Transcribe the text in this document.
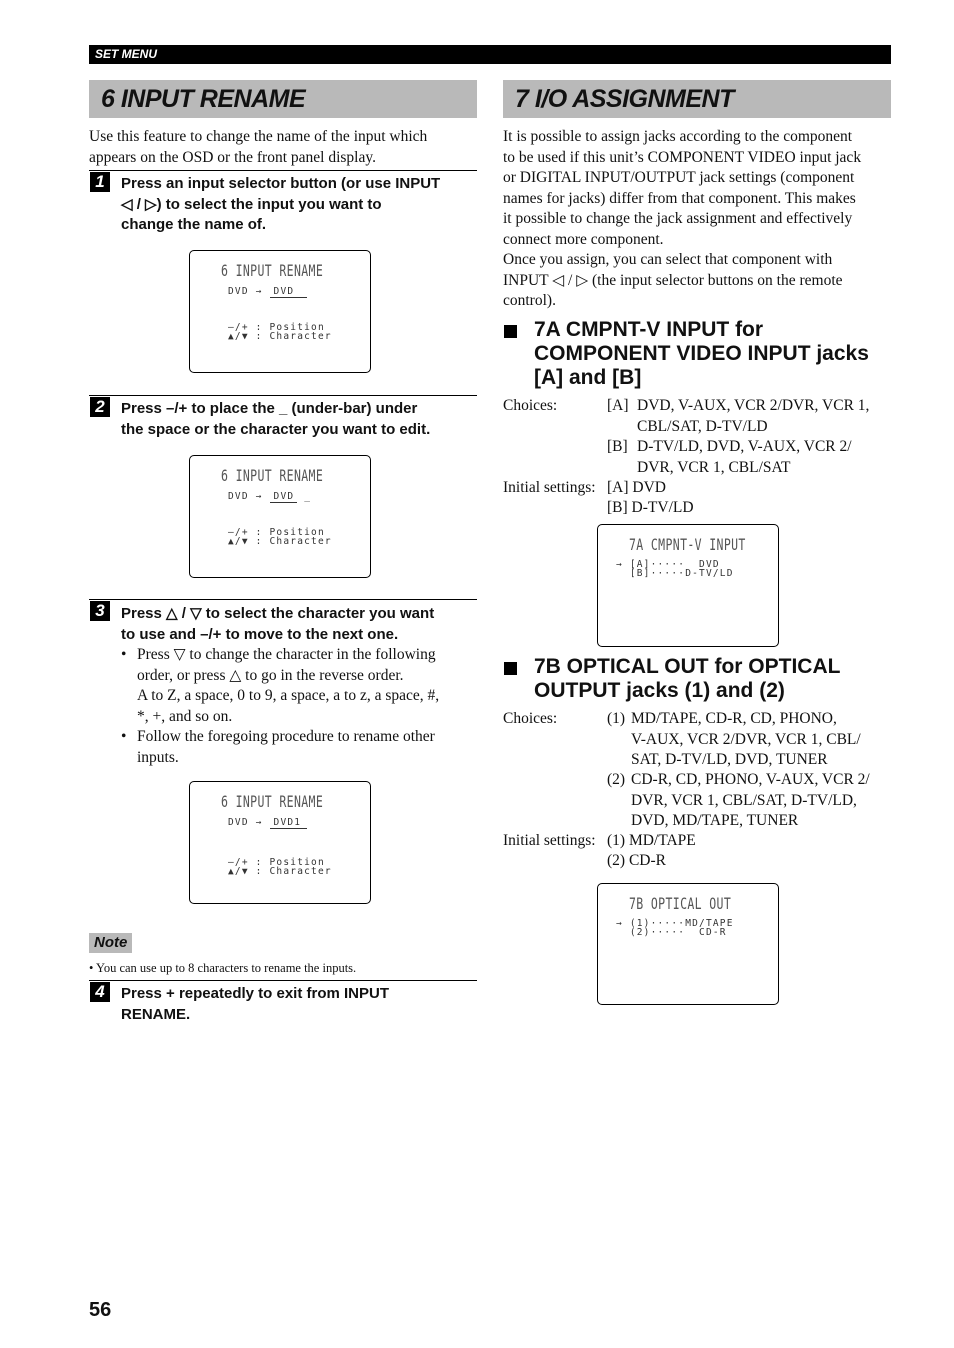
SET MENU
6 INPUT RENAME
Use this feature to change the name of the input which
appears on the OSD or the front panel display.
1	Press an input selector button (or use INPUT
◁ / ▷) to select the input you want to
change the name of.
6 INPUT RENAME
DVD → DVD
–/+ : Position
▲/▼ : Character
2	Press –/+ to place the _ (under-bar) under
the space or the character you want to edit.
6 INPUT RENAME
DVD → DVD _
–/+ : Position
▲/▼ : Character
3	Press △ / ▽ to select the character you want
to use and –/+ to move to the next one.
• Press ▽ to change the character in the following
order, or press △ to go in the reverse order.
A to Z, a space, 0 to 9, a space, a to z, a space, #,
*, +, and so on.
• Follow the foregoing procedure to rename other
inputs.
6 INPUT RENAME
DVD → DVD1
–/+ : Position
▲/▼ : Character
Note
• You can use up to 8 characters to rename the inputs.
4	Press + repeatedly to exit from INPUT
RENAME.
7 I/O ASSIGNMENT
It is possible to assign jacks according to the component
to be used if this unit’s COMPONENT VIDEO input jack
or DIGITAL INPUT/OUTPUT jack settings (component
names for jacks) differ from that component. This makes
it possible to change the jack assignment and effectively
connect more component.
Once you assign, you can select that component with
INPUT ◁ / ▷ (the input selector buttons on the remote
control).
7A CMPNT-V INPUT for
COMPONENT VIDEO INPUT jacks
[A] and [B]
Choices:	[A] DVD, V-AUX, VCR 2/DVR, VCR 1,
CBL/SAT, D-TV/LD
[B] D-TV/LD, DVD, V-AUX, VCR 2/
DVR, VCR 1, CBL/SAT
Initial settings: [A] DVD
[B] D-TV/LD
7A CMPNT-V INPUT
→ [A]·····  DVD
[B]·····D-TV/LD
7B OPTICAL OUT for OPTICAL
OUTPUT jacks (1) and (2)
Choices:	(1) MD/TAPE, CD-R, CD, PHONO,
V-AUX, VCR 2/DVR, VCR 1, CBL/
SAT, D-TV/LD, DVD, TUNER
(2) CD-R, CD, PHONO, V-AUX, VCR 2/
DVR, VCR 1, CBL/SAT, D-TV/LD,
DVD, MD/TAPE, TUNER
Initial settings: (1) MD/TAPE
(2) CD-R
7B OPTICAL OUT
→ (1)·····MD/TAPE
(2)·····  CD-R
56
